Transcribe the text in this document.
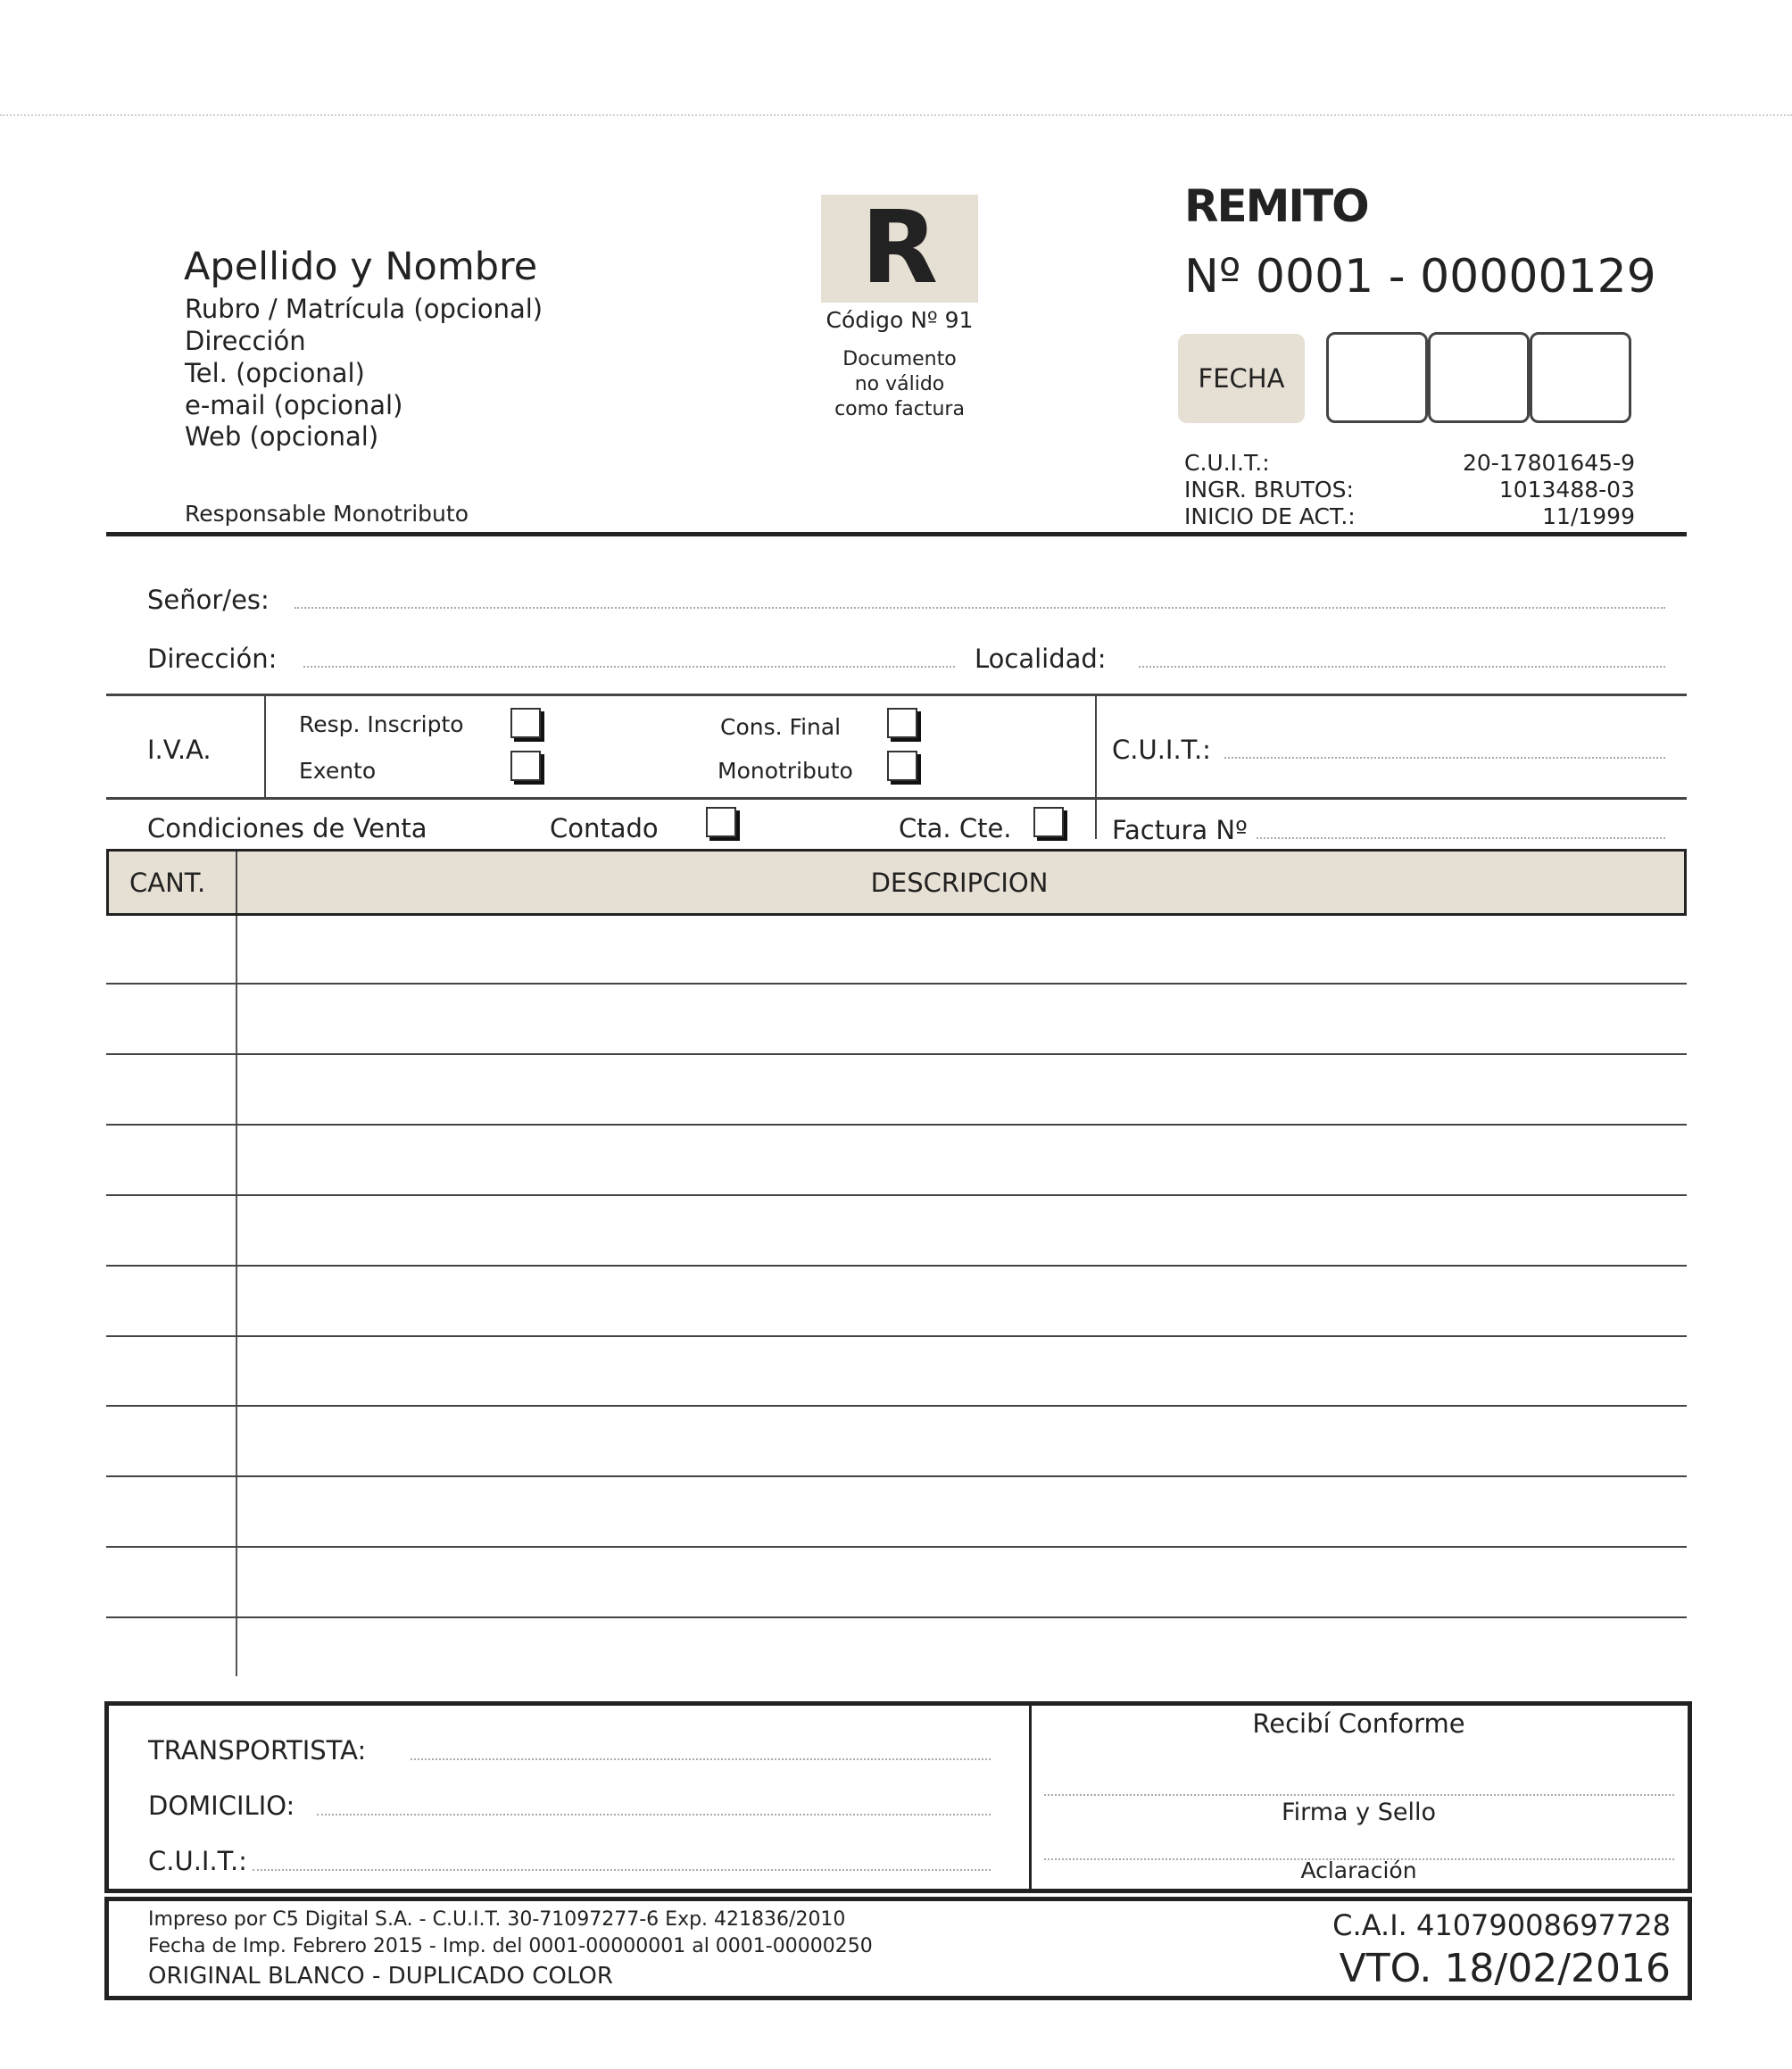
Apellido y Nombre
Rubro / Matrícula (opcional)
Dirección
Tel. (opcional)
e-mail (opcional)
Web (opcional)
Responsable Monotributo
R
Código Nº 91
Documento
no válido
como factura
REMITO
Nº 0001 - 00000129
FECHA
C.U.I.T.:	20-17801645-9
INGR. BRUTOS:	1013488-03
INICIO DE ACT.:	11/1999
Señor/es:
Dirección:	Localidad:
I.V.A.
Resp. Inscripto
Exento
Cons. Final
Monotributo
C.U.I.T.:
Condiciones de Venta	Contado	Cta. Cte.	Factura Nº
CANT.	DESCRIPCION
TRANSPORTISTA:
DOMICILIO:
C.U.I.T.:
Recibí Conforme
Firma y Sello
Aclaración
Impreso por C5 Digital S.A. - C.U.I.T. 30-71097277-6 Exp. 421836/2010
Fecha de Imp. Febrero 2015 - Imp. del 0001-00000001 al 0001-00000250
ORIGINAL BLANCO - DUPLICADO COLOR
C.A.I. 41079008697728
VTO. 18/02/2016
